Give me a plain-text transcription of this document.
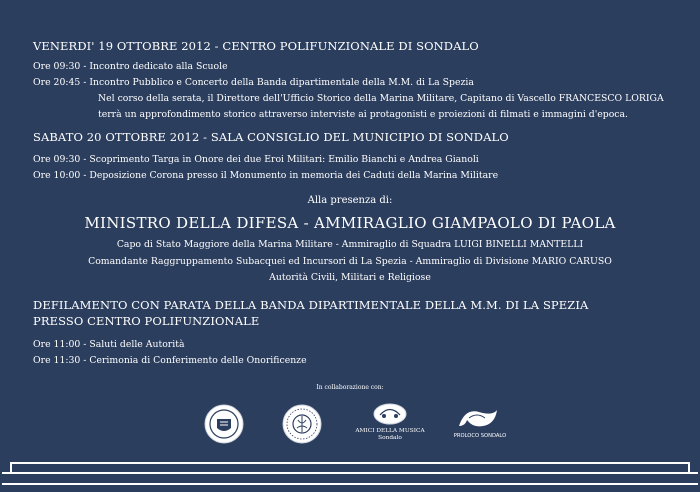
VENERDI' 19 OTTOBRE 2012 - CENTRO POLIFUNZIONALE DI SONDALO
Ore 09:30 - Incontro dedicato alla Scuole
Ore 20:45 - Incontro Pubblico e Concerto della Banda dipartimentale della M.M. di La Spezia
Nel corso della serata, il Direttore dell'Ufficio Storico della Marina Militare, Capitano di Vascello FRANCESCO LORIGA
terrà un approfondimento storico attraverso interviste ai protagonisti e proiezioni di filmati e immagini d'epoca.
SABATO 20 OTTOBRE 2012 - SALA CONSIGLIO DEL MUNICIPIO DI SONDALO
Ore 09:30 - Scoprimento Targa in Onore dei due Eroi Militari: Emilio Bianchi e Andrea Gianoli
Ore 10:00 - Deposizione Corona presso il Monumento in memoria dei Caduti della Marina Militare
Alla presenza di:
MINISTRO DELLA DIFESA - AMMIRAGLIO GIAMPAOLO DI PAOLA
Capo di Stato Maggiore della Marina Militare - Ammiraglio di Squadra LUIGI BINELLI MANTELLI
Comandante Raggruppamento Subacquei ed Incursori di La Spezia - Ammiraglio di Divisione MARIO CARUSO
Autorità Civili, Militari e Religiose
DEFILAMENTO CON PARATA DELLA BANDA DIPARTIMENTALE DELLA M.M. DI LA SPEZIA
PRESSO CENTRO POLIFUNZIONALE
Ore 11:00 - Saluti delle Autorità
Ore 11:30 - Cerimonia di Conferimento delle Onorificenze
In collaborazione con:
AMICI DELLA MUSICA
Sondalo	PROLOCO SONDALO
